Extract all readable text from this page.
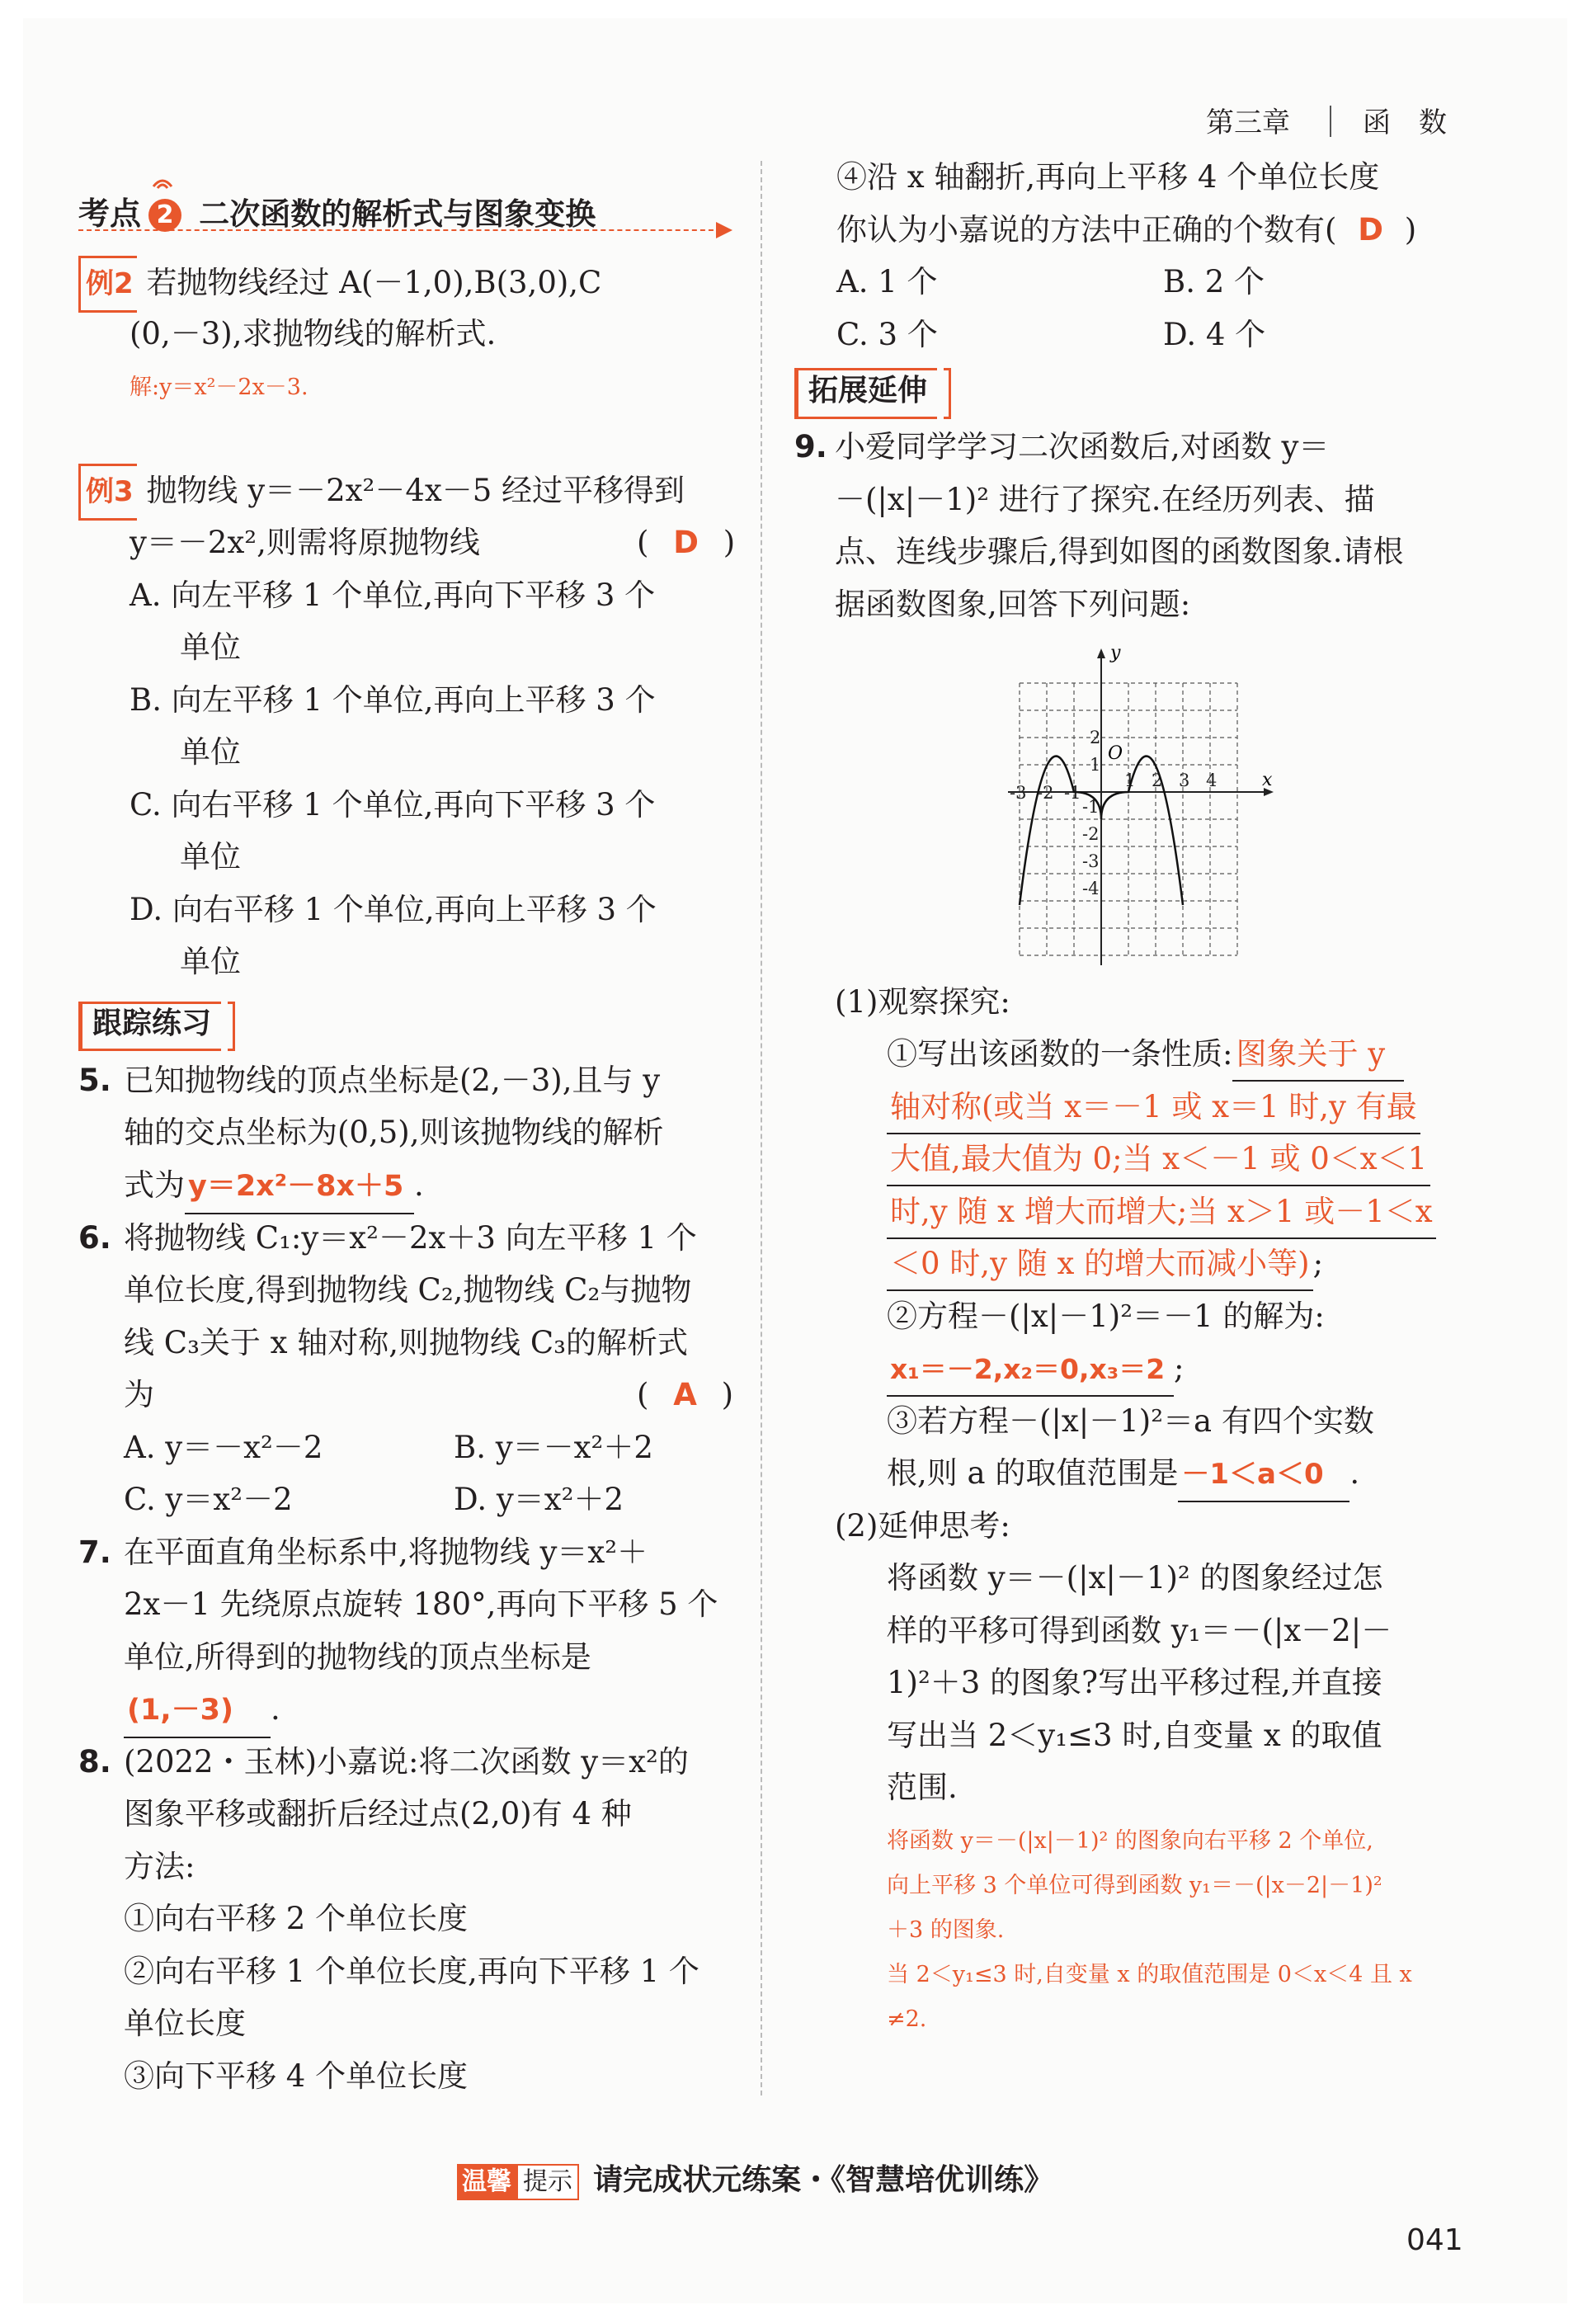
第三章	函　数
考点 2 二次函数的解析式与图象变换
例2 若抛物线经过 A(－1,0),B(3,0),C
(0,－3),求抛物线的解析式.
解:y＝x²－2x－3.
例3 抛物线 y＝－2x²－4x－5 经过平移得到
y＝－2x²,则需将原抛物线	( D )
A. 向左平移 1 个单位,再向下平移 3 个
单位
B. 向左平移 1 个单位,再向上平移 3 个
单位
C. 向右平移 1 个单位,再向下平移 3 个
单位
D. 向右平移 1 个单位,再向上平移 3 个
单位
跟踪练习
5. 已知抛物线的顶点坐标是(2,－3),且与 y
轴的交点坐标为(0,5),则该抛物线的解析
式为 y＝2x²－8x＋5 .
6. 将抛物线 C₁:y＝x²－2x＋3 向左平移 1 个
单位长度,得到抛物线 C₂,抛物线 C₂与抛物
线 C₃关于 x 轴对称,则抛物线 C₃的解析式
为	( A )
A. y＝－x²－2	B. y＝－x²＋2
C. y＝x²－2	D. y＝x²＋2
7. 在平面直角坐标系中,将抛物线 y＝x²＋
2x－1 先绕原点旋转 180°,再向下平移 5 个
单位,所得到的抛物线的顶点坐标是
(1,－3) .
8. (2022・玉林)小嘉说:将二次函数 y＝x²的
图象平移或翻折后经过点(2,0)有 4 种
方法:
①向右平移 2 个单位长度
②向右平移 1 个单位长度,再向下平移 1 个
单位长度
③向下平移 4 个单位长度
④沿 x 轴翻折,再向上平移 4 个单位长度
你认为小嘉说的方法中正确的个数有( D )
A. 1 个	B. 2 个
C. 3 个	D. 4 个
拓展延伸
9. 小爱同学学习二次函数后,对函数 y＝
－(|x|－1)² 进行了探究.在经历列表、描
点、连线步骤后,得到如图的函数图象.请根
据函数图象,回答下列问题:
y
x
O
-3 -2 -1
1 2 3 4
2
1
-1
-2
-3
-4
(1)观察探究:
①写出该函数的一条性质: 图象关于 y
轴对称(或当 x＝－1 或 x＝1 时,y 有最
大值,最大值为 0;当 x＜－1 或 0＜x＜1
时,y 随 x 增大而增大;当 x＞1 或－1＜x
＜0 时,y 随 x 的增大而减小等) ;
②方程－(|x|－1)²＝－1 的解为:
x₁＝－2,x₂＝0,x₃＝2 ;
③若方程－(|x|－1)²＝a 有四个实数
根,则 a 的取值范围是 －1＜a＜0 .
(2)延伸思考:
将函数 y＝－(|x|－1)² 的图象经过怎
样的平移可得到函数 y₁＝－(|x－2|－
1)²＋3 的图象?写出平移过程,并直接
写出当 2＜y₁≤3 时,自变量 x 的取值
范围.
将函数 y＝－(|x|－1)² 的图象向右平移 2 个单位,
向上平移 3 个单位可得到函数 y₁＝－(|x－2|－1)²
＋3 的图象.
当 2＜y₁≤3 时,自变量 x 的取值范围是 0＜x＜4 且 x
≠2.
温馨 提示 请完成状元练案・《智慧培优训练》
041
